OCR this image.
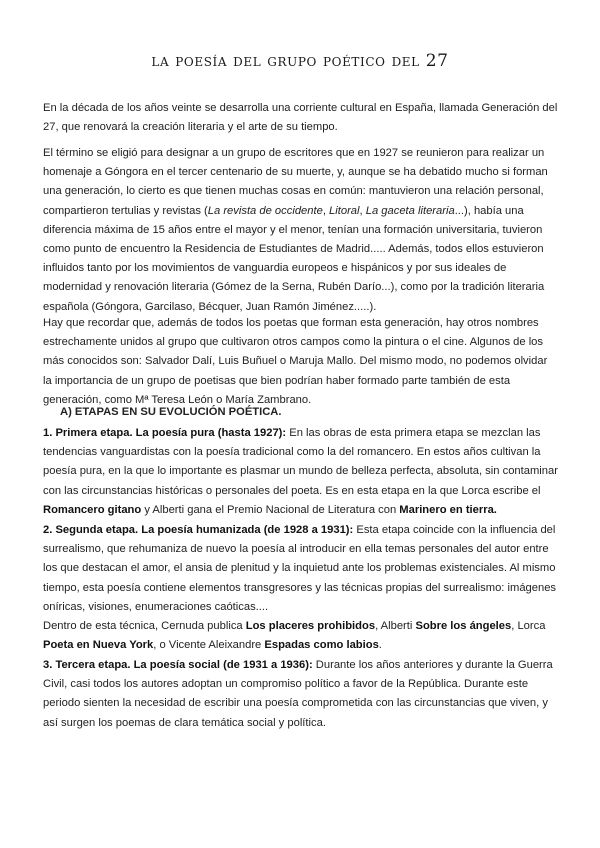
la poesía del grupo poético del 27

En la década de los años veinte se desarrolla una corriente cultural en España, llamada Generación del 27, que renovará la creación literaria y el arte de su tiempo.

El término se eligió para designar a un grupo de escritores que en 1927 se reunieron para realizar un homenaje a Góngora en el tercer centenario de su muerte, y, aunque se ha debatido mucho si forman una generación, lo cierto es que tienen muchas cosas en común: mantuvieron una relación personal, compartieron tertulias y revistas (La revista de occidente, Litoral, La gaceta literaria...), había una diferencia máxima de 15 años entre el mayor y el menor, tenían una formación universitaria, tuvieron como punto de encuentro la Residencia de Estudiantes de Madrid..... Además, todos ellos estuvieron influidos tanto por los movimientos de vanguardia europeos e hispánicos y por sus ideales de modernidad y renovación literaria (Gómez de la Serna, Rubén Darío...), como por la tradición literaria española (Góngora, Garcilaso, Bécquer, Juan Ramón Jiménez.....).

Hay que recordar que, además de todos los poetas que forman esta generación, hay otros nombres estrechamente unidos al grupo que cultivaron otros campos como la pintura o el cine. Algunos de los más conocidos son: Salvador Dalí, Luis Buñuel o Maruja Mallo. Del mismo modo, no podemos olvidar la importancia de un grupo de poetisas que bien podrían haber formado parte también de esta generación, como Mª Teresa León o María Zambrano.

A) ETAPAS EN SU EVOLUCIÓN POÉTICA.

1. Primera etapa. La poesía pura (hasta 1927): En las obras de esta primera etapa se mezclan las tendencias vanguardistas con la poesía tradicional como la del romancero. En estos años cultivan la poesía pura, en la que lo importante es plasmar un mundo de belleza perfecta, absoluta, sin contaminar con las circunstancias históricas o personales del poeta. Es en esta etapa en la que Lorca escribe el Romancero gitano y Alberti gana el Premio Nacional de Literatura con Marinero en tierra.

2. Segunda etapa. La poesía humanizada (de 1928 a 1931): Esta etapa coincide con la influencia del surrealismo, que rehumaniza de nuevo la poesía al introducir en ella temas personales del autor entre los que destacan el amor, el ansia de plenitud y la inquietud ante los problemas existenciales. Al mismo tiempo, esta poesía contiene elementos transgresores y las técnicas propias del surrealismo: imágenes oníricas, visiones, enumeraciones caóticas....
Dentro de esta técnica, Cernuda publica Los placeres prohibidos, Alberti Sobre los ángeles, Lorca Poeta en Nueva York, o Vicente Aleixandre Espadas como labios.

3. Tercera etapa. La poesía social (de 1931 a 1936): Durante los años anteriores y durante la Guerra Civil, casi todos los autores adoptan un compromiso político a favor de la República. Durante este periodo sienten la necesidad de escribir una poesía comprometida con las circunstancias que viven, y así surgen los poemas de clara temática social y política.
